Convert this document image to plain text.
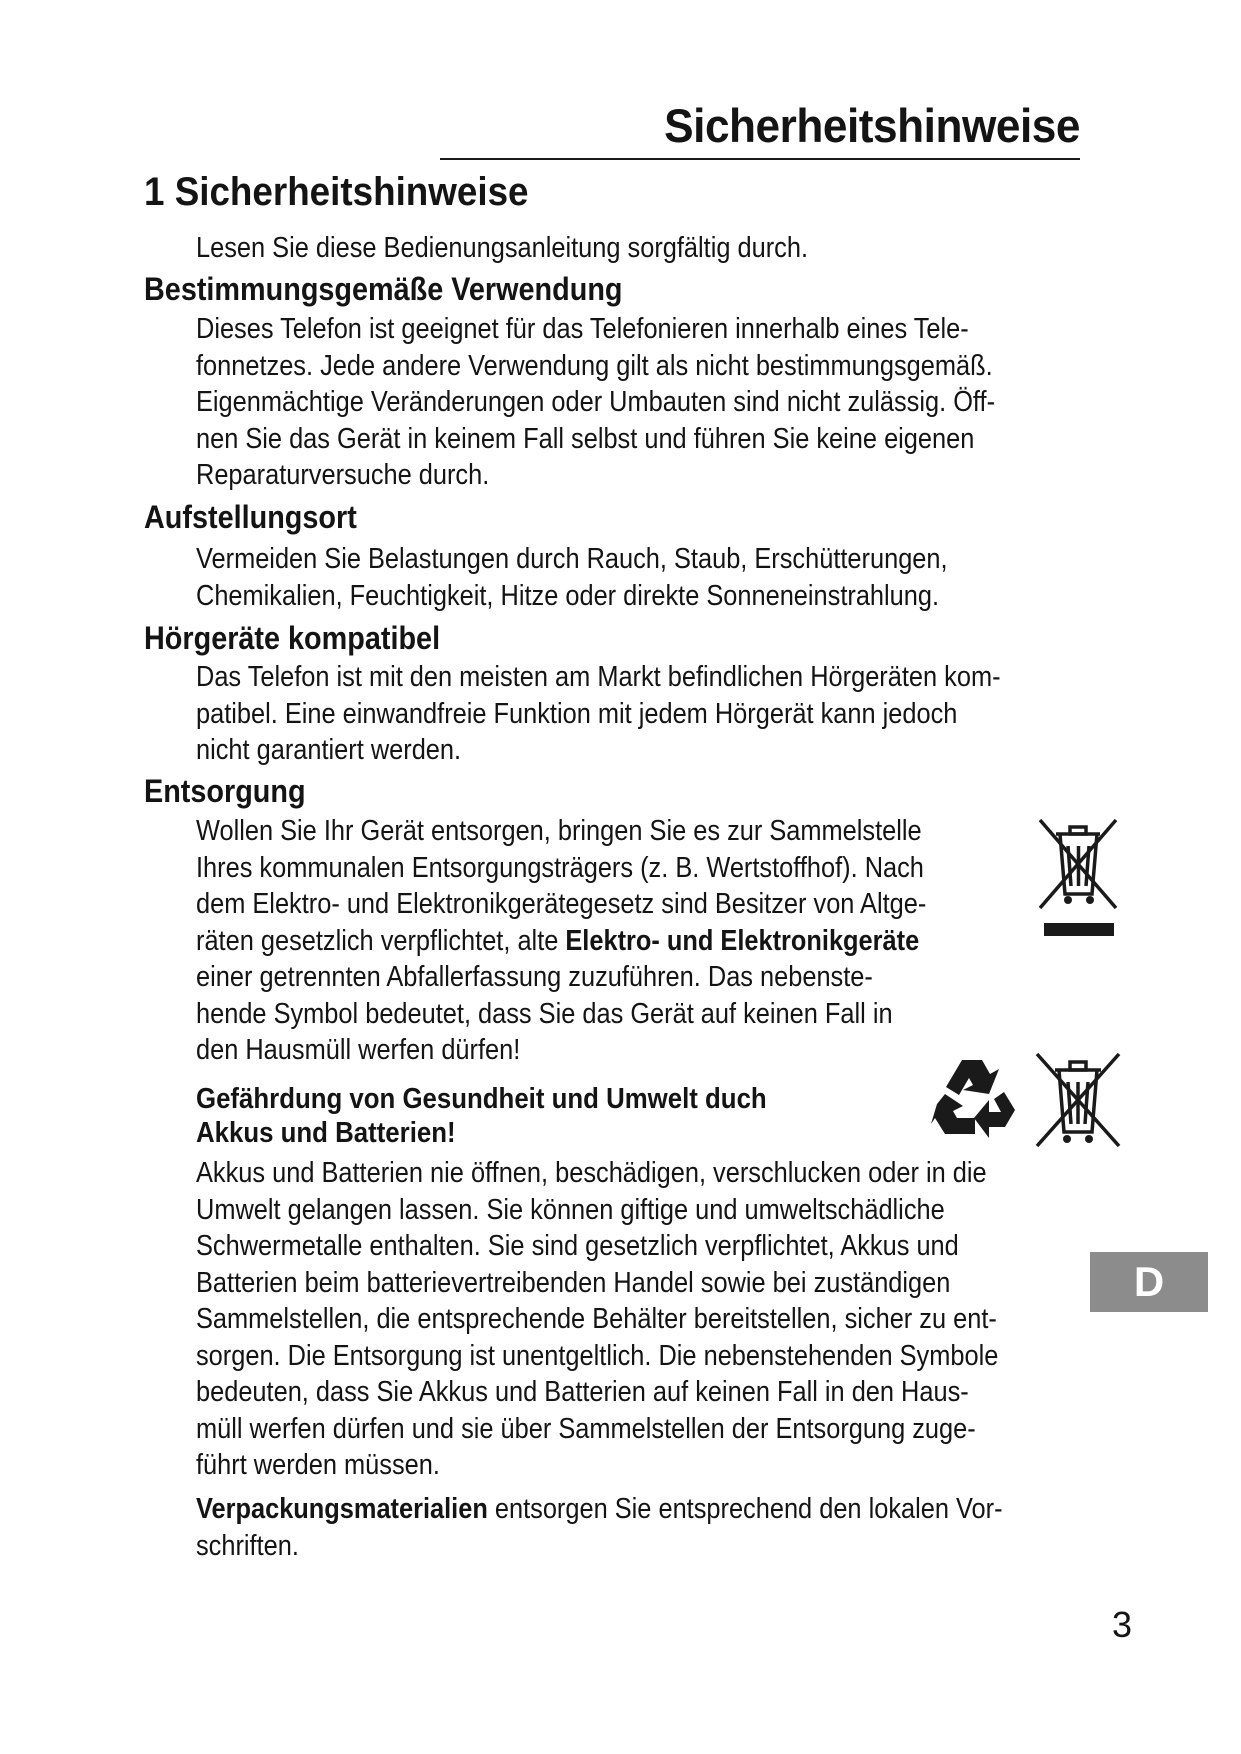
Sicherheitshinweise
1 Sicherheitshinweise
Lesen Sie diese Bedienungsanleitung sorgfältig durch.
Bestimmungsgemäße Verwendung
Dieses Telefon ist geeignet für das Telefonieren innerhalb eines Tele-
fonnetzes. Jede andere Verwendung gilt als nicht bestimmungsgemäß.
Eigenmächtige Veränderungen oder Umbauten sind nicht zulässig. Öff-
nen Sie das Gerät in keinem Fall selbst und führen Sie keine eigenen
Reparaturversuche durch.
Aufstellungsort
Vermeiden Sie Belastungen durch Rauch, Staub, Erschütterungen,
Chemikalien, Feuchtigkeit, Hitze oder direkte Sonneneinstrahlung.
Hörgeräte kompatibel
Das Telefon ist mit den meisten am Markt befindlichen Hörgeräten kom-
patibel. Eine einwandfreie Funktion mit jedem Hörgerät kann jedoch
nicht garantiert werden.
Entsorgung
Wollen Sie Ihr Gerät entsorgen, bringen Sie es zur Sammelstelle
Ihres kommunalen Entsorgungsträgers (z. B. Wertstoffhof). Nach
dem Elektro- und Elektronikgerätegesetz sind Besitzer von Altge-
räten gesetzlich verpflichtet, alte Elektro- und Elektronikgeräte
einer getrennten Abfallerfassung zuzuführen. Das nebenste-
hende Symbol bedeutet, dass Sie das Gerät auf keinen Fall in
den Hausmüll werfen dürfen!
Gefährdung von Gesundheit und Umwelt duch
Akkus und Batterien!
Akkus und Batterien nie öffnen, beschädigen, verschlucken oder in die
Umwelt gelangen lassen. Sie können giftige und umweltschädliche
Schwermetalle enthalten. Sie sind gesetzlich verpflichtet, Akkus und
Batterien beim batterievertreibenden Handel sowie bei zuständigen
Sammelstellen, die entsprechende Behälter bereitstellen, sicher zu ent-
sorgen. Die Entsorgung ist unentgeltlich. Die nebenstehenden Symbole
bedeuten, dass Sie Akkus und Batterien auf keinen Fall in den Haus-
müll werfen dürfen und sie über Sammelstellen der Entsorgung zuge-
führt werden müssen.
Verpackungsmaterialien entsorgen Sie entsprechend den lokalen Vor-
schriften.
D
3
